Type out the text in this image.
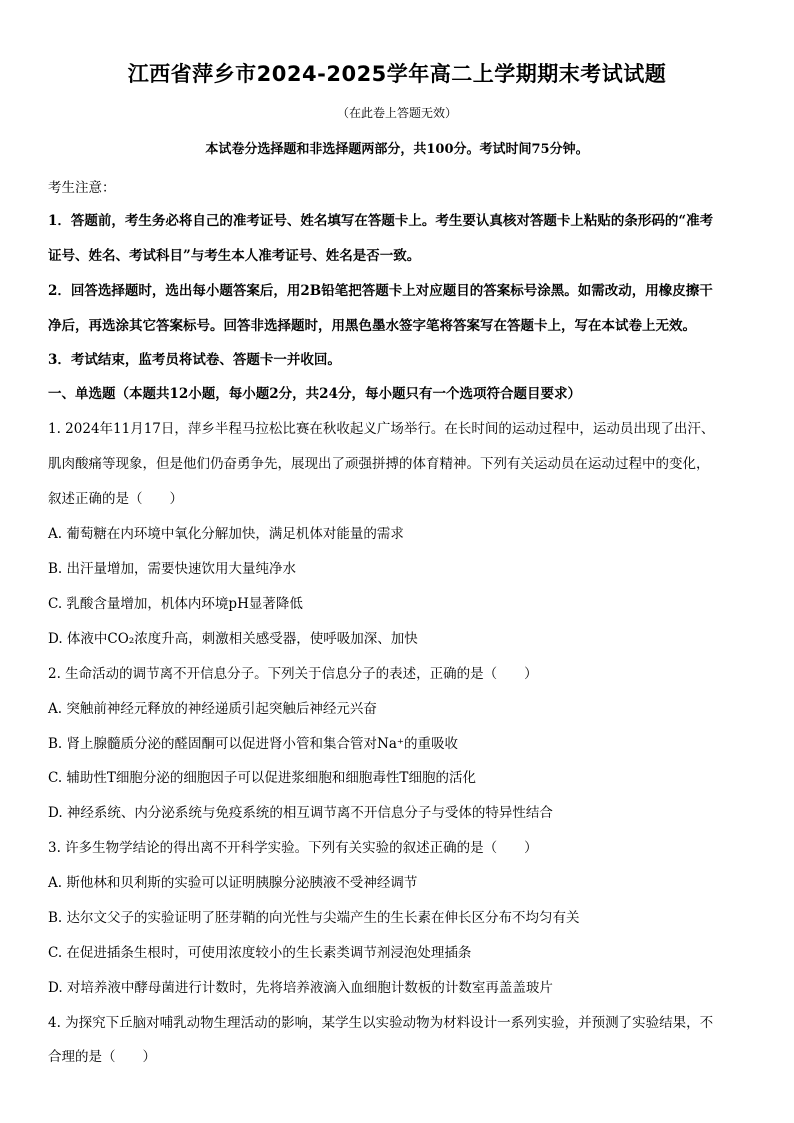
江西省萍乡市2024-2025学年高二上学期期末考试试题
（在此卷上答题无效）
本试卷分选择题和非选择题两部分，共100分。考试时间75分钟。
考生注意：
1．答题前，考生务必将自己的准考证号、姓名填写在答题卡上。考生要认真核对答题卡上粘贴的条形码的“准考
证号、姓名、考试科目”与考生本人准考证号、姓名是否一致。
2．回答选择题时，选出每小题答案后，用2B铅笔把答题卡上对应题目的答案标号涂黑。如需改动，用橡皮擦干
净后，再选涂其它答案标号。回答非选择题时，用黑色墨水签字笔将答案写在答题卡上，写在本试卷上无效。
3．考试结束，监考员将试卷、答题卡一并收回。
一、单选题（本题共12小题，每小题2分，共24分，每小题只有一个选项符合题目要求）
1. 2024年11月17日，萍乡半程马拉松比赛在秋收起义广场举行。在长时间的运动过程中，运动员出现了出汗、
肌肉酸痛等现象，但是他们仍奋勇争先，展现出了顽强拼搏的体育精神。下列有关运动员在运动过程中的变化，
叙述正确的是（　　）
A. 葡萄糖在内环境中氧化分解加快，满足机体对能量的需求
B. 出汗量增加，需要快速饮用大量纯净水
C. 乳酸含量增加，机体内环境pH显著降低
D. 体液中CO₂浓度升高，刺激相关感受器，使呼吸加深、加快
2. 生命活动的调节离不开信息分子。下列关于信息分子的表述，正确的是（　　）
A. 突触前神经元释放的神经递质引起突触后神经元兴奋
B. 肾上腺髓质分泌的醛固酮可以促进肾小管和集合管对Na⁺的重吸收
C. 辅助性T细胞分泌的细胞因子可以促进浆细胞和细胞毒性T细胞的活化
D. 神经系统、内分泌系统与免疫系统的相互调节离不开信息分子与受体的特异性结合
3. 许多生物学结论的得出离不开科学实验。下列有关实验的叙述正确的是（　　）
A. 斯他林和贝利斯的实验可以证明胰腺分泌胰液不受神经调节
B. 达尔文父子的实验证明了胚芽鞘的向光性与尖端产生的生长素在伸长区分布不均匀有关
C. 在促进插条生根时，可使用浓度较小的生长素类调节剂浸泡处理插条
D. 对培养液中酵母菌进行计数时，先将培养液滴入血细胞计数板的计数室再盖盖玻片
4. 为探究下丘脑对哺乳动物生理活动的影响，某学生以实验动物为材料设计一系列实验，并预测了实验结果，不
合理的是（　　）
